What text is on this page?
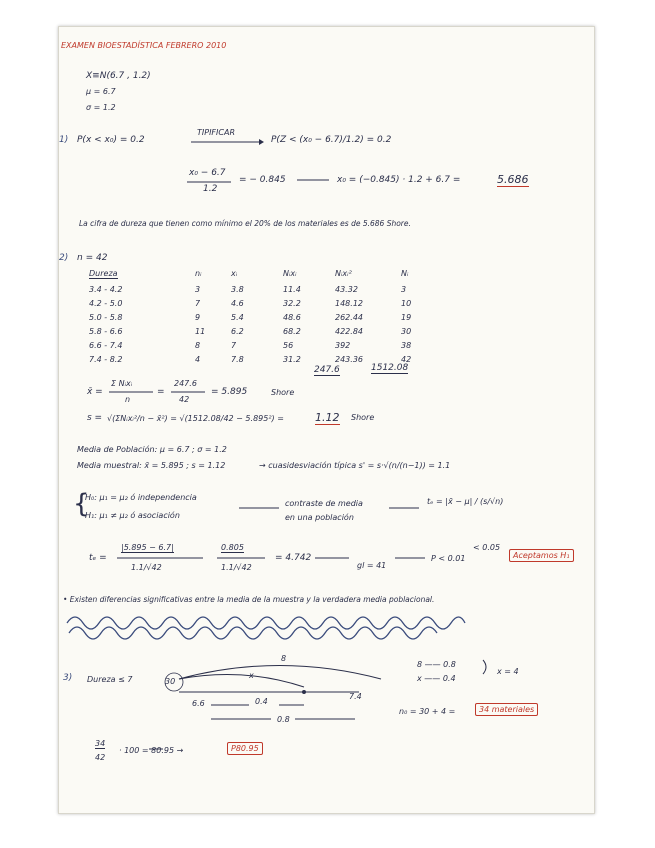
EXAMEN BIOESTADÍSTICA FEBRERO 2010
X≡N(6.7 , 1.2)
μ = 6.7
σ = 1.2
1) P(x < x₀) = 0.2
TIPIFICAR
P(Z < (x₀ − 6.7)/1.2) = 0.2
x₀ − 6.7
1.2
= − 0.845	x₀ = (−0.845) · 1.2 + 6.7 =	5.686
La cifra de dureza que tienen como mínimo el 20% de los materiales es de 5.686 Shore.
2) n = 42
Dureza	nᵢ	xᵢ	Nᵢxᵢ	Nᵢxᵢ²	Nᵢ
3.4 - 4.2	3	3.8	11.4	43.32	3
4.2 - 5.0	7	4.6	32.2	148.12	10
5.0 - 5.8	9	5.4	48.6	262.44	19
5.8 - 6.6	11	6.2	68.2	422.84	30
6.6 - 7.4	8	7	56	392	38
7.4 - 8.2	4	7.8	31.2	243.36	42
247.6	1512.08
x̄ =
Σ Nᵢxᵢ
n
=
247.6
42
= 5.895	Shore
s = √(ΣNᵢxᵢ²/n − x̄²) = √(1512.08/42 − 5.895²) =	1.12 Shore
Media de Población: μ = 6.7 ; σ = 1.2
Media muestral: x̄ = 5.895 ; s = 1.12	→ cuasidesviación típica s' = s·√(n/(n−1)) = 1.1
{
H₀: μ₁ = μ₂ ó independencia
H₁: μ₁ ≠ μ₂ ó asociación
contraste de media
en una población
tₑ = |x̄ − μ| / (s/√n)
tₑ =
|5.895 − 6.7|
1.1/√42
0.805
1.1/√42
= 4.742
gl = 41
P < 0.01
< 0.05
Aceptamos H₁
• Existen diferencias significativas entre la media de la muestra y la verdadera media poblacional.
3) Dureza ≤ 7	30
8
x
6.6	0.4
7.4
0.8
8 —— 0.8
x —— 0.4
x = 4
n₀ = 30 + 4 =	34 materiales
34
42
· 100 = 80.95 →	P80.95
